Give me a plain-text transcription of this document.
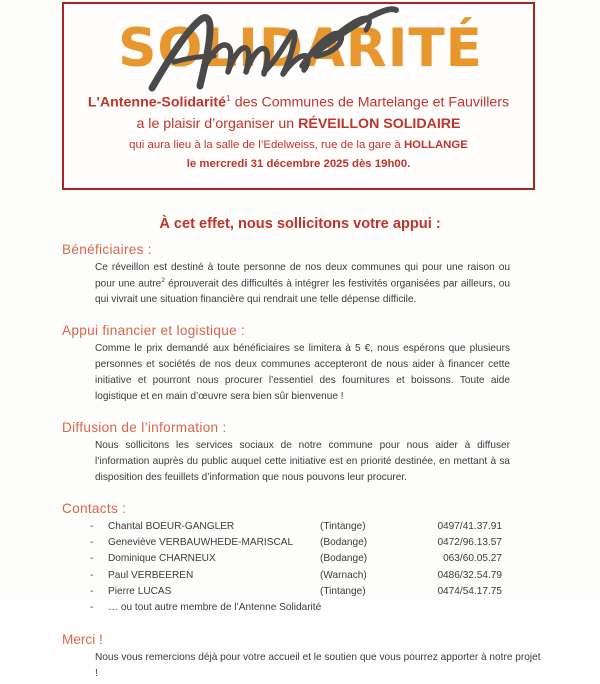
SOLIDARITÉ
L'Antenne-Solidarité$^1$ des Communes de Martelange et Fauvillers
a le plaisir d’organiser un RÉVEILLON SOLIDAIRE
qui aura lieu à la salle de l’Edelweiss, rue de la gare à HOLLANGE
le mercredi 31 décembre 2025 dès 19h00.
À cet effet, nous sollicitons votre appui :
Bénéficiaires :

Ce réveillon est destiné à toute personne de nos deux communes qui pour une raison ou pour une autre$^2$ éprouverait des difficultés à intégrer les festivités organisées par ailleurs, ou qui vivrait une situation financière qui rendrait une telle dépense difficile.

Appui financier et logistique :

Comme le prix demandé aux bénéficiaires se limitera à 5 €, nous espérons que plusieurs personnes et sociétés de nos deux communes accepteront de nous aider à financer cette initiative et pourront nous procurer l’essentiel des fournitures et boissons. Toute aide logistique et en main d’œuvre sera bien sûr bienvenue !

Diffusion de l’information :

Nous sollicitons les services sociaux de notre commune pour nous aider à diffuser l’information auprès du public auquel cette initiative est en priorité destinée, en mettant à sa disposition des feuillets d’information que nous pouvons leur procurer.

Contacts :
-	Chantal BOEUR-GANGLER	(Tintange)	0497/41.37.91
-	Geneviève VERBAUWHEDE-MARISCAL	(Bodange)	0472/96.13.57
-	Dominique CHARNEUX	(Bodange)	063/60.05.27
-	Paul VERBEEREN	(Warnach)	0486/32.54.79
-	Pierre LUCAS	(Tintange)	0474/54.17.75
-	… ou tout autre membre de l’Antenne Solidarité
Merci !

Nous vous remercions déjà pour votre accueil et le soutien que vous pourrez apporter à notre projet !
